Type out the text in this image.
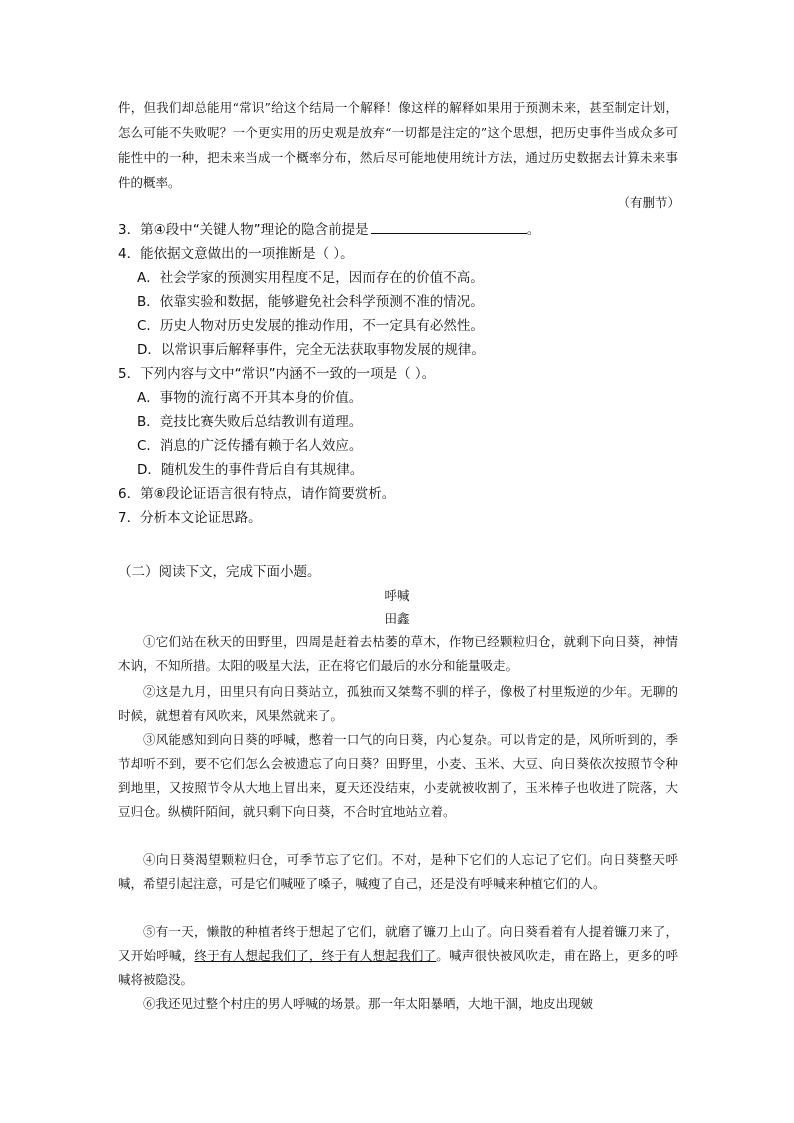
件，但我们却总能用“常识”给这个结局一个解释！像这样的解释如果用于预测未来，甚至制定计划，怎么可能不失败呢？一个更实用的历史观是放弃“一切都是注定的”这个思想，把历史事件当成众多可能性中的一种，把未来当成一个概率分布，然后尽可能地使用统计方法，通过历史数据去计算未来事件的概率。
（有删节）
3．第④段中“关键人物”理论的隐含前提是	。
4．能依据文意做出的一项推断是（ ）。
A．社会学家的预测实用程度不足，因而存在的价值不高。
B．依靠实验和数据，能够避免社会科学预测不准的情况。
C．历史人物对历史发展的推动作用，不一定具有必然性。
D．以常识事后解释事件，完全无法获取事物发展的规律。
5．下列内容与文中“常识”内涵不一致的一项是（ ）。
A．事物的流行离不开其本身的价值。
B．竞技比赛失败后总结教训有道理。
C．消息的广泛传播有赖于名人效应。
D．随机发生的事件背后自有其规律。
6．第⑧段论证语言很有特点，请作简要赏析。
7．分析本文论证思路。
（二）阅读下文，完成下面小题。
呼喊
田鑫
①它们站在秋天的田野里，四周是赶着去枯萎的草木，作物已经颗粒归仓，就剩下向日葵，神情木讷，不知所措。太阳的吸星大法，正在将它们最后的水分和能量吸走。
②这是九月，田里只有向日葵站立，孤独而又桀骜不驯的样子，像极了村里叛逆的少年。无聊的时候，就想着有风吹来，风果然就来了。
③风能感知到向日葵的呼喊，憋着一口气的向日葵，内心复杂。可以肯定的是，风所听到的，季节却听不到，要不它们怎么会被遗忘了向日葵？田野里，小麦、玉米、大豆、向日葵依次按照节令种到地里，又按照节令从大地上冒出来，夏天还没结束，小麦就被收割了，玉米棒子也收进了院落，大豆归仓。纵横阡陌间，就只剩下向日葵，不合时宜地站立着。
④向日葵渴望颗粒归仓，可季节忘了它们。不对，是种下它们的人忘记了它们。向日葵整天呼喊，希望引起注意，可是它们喊哑了嗓子，喊瘦了自己，还是没有呼喊来种植它们的人。
⑤有一天，懒散的种植者终于想起了它们，就磨了镰刀上山了。向日葵看着有人提着镰刀来了，又开始呼喊，终于有人想起我们了，终于有人想起我们了。喊声很快被风吹走，甫在路上，更多的呼喊将被隐没。
⑥我还见过整个村庄的男人呼喊的场景。那一年太阳暴晒，大地干涸，地皮出现皴
